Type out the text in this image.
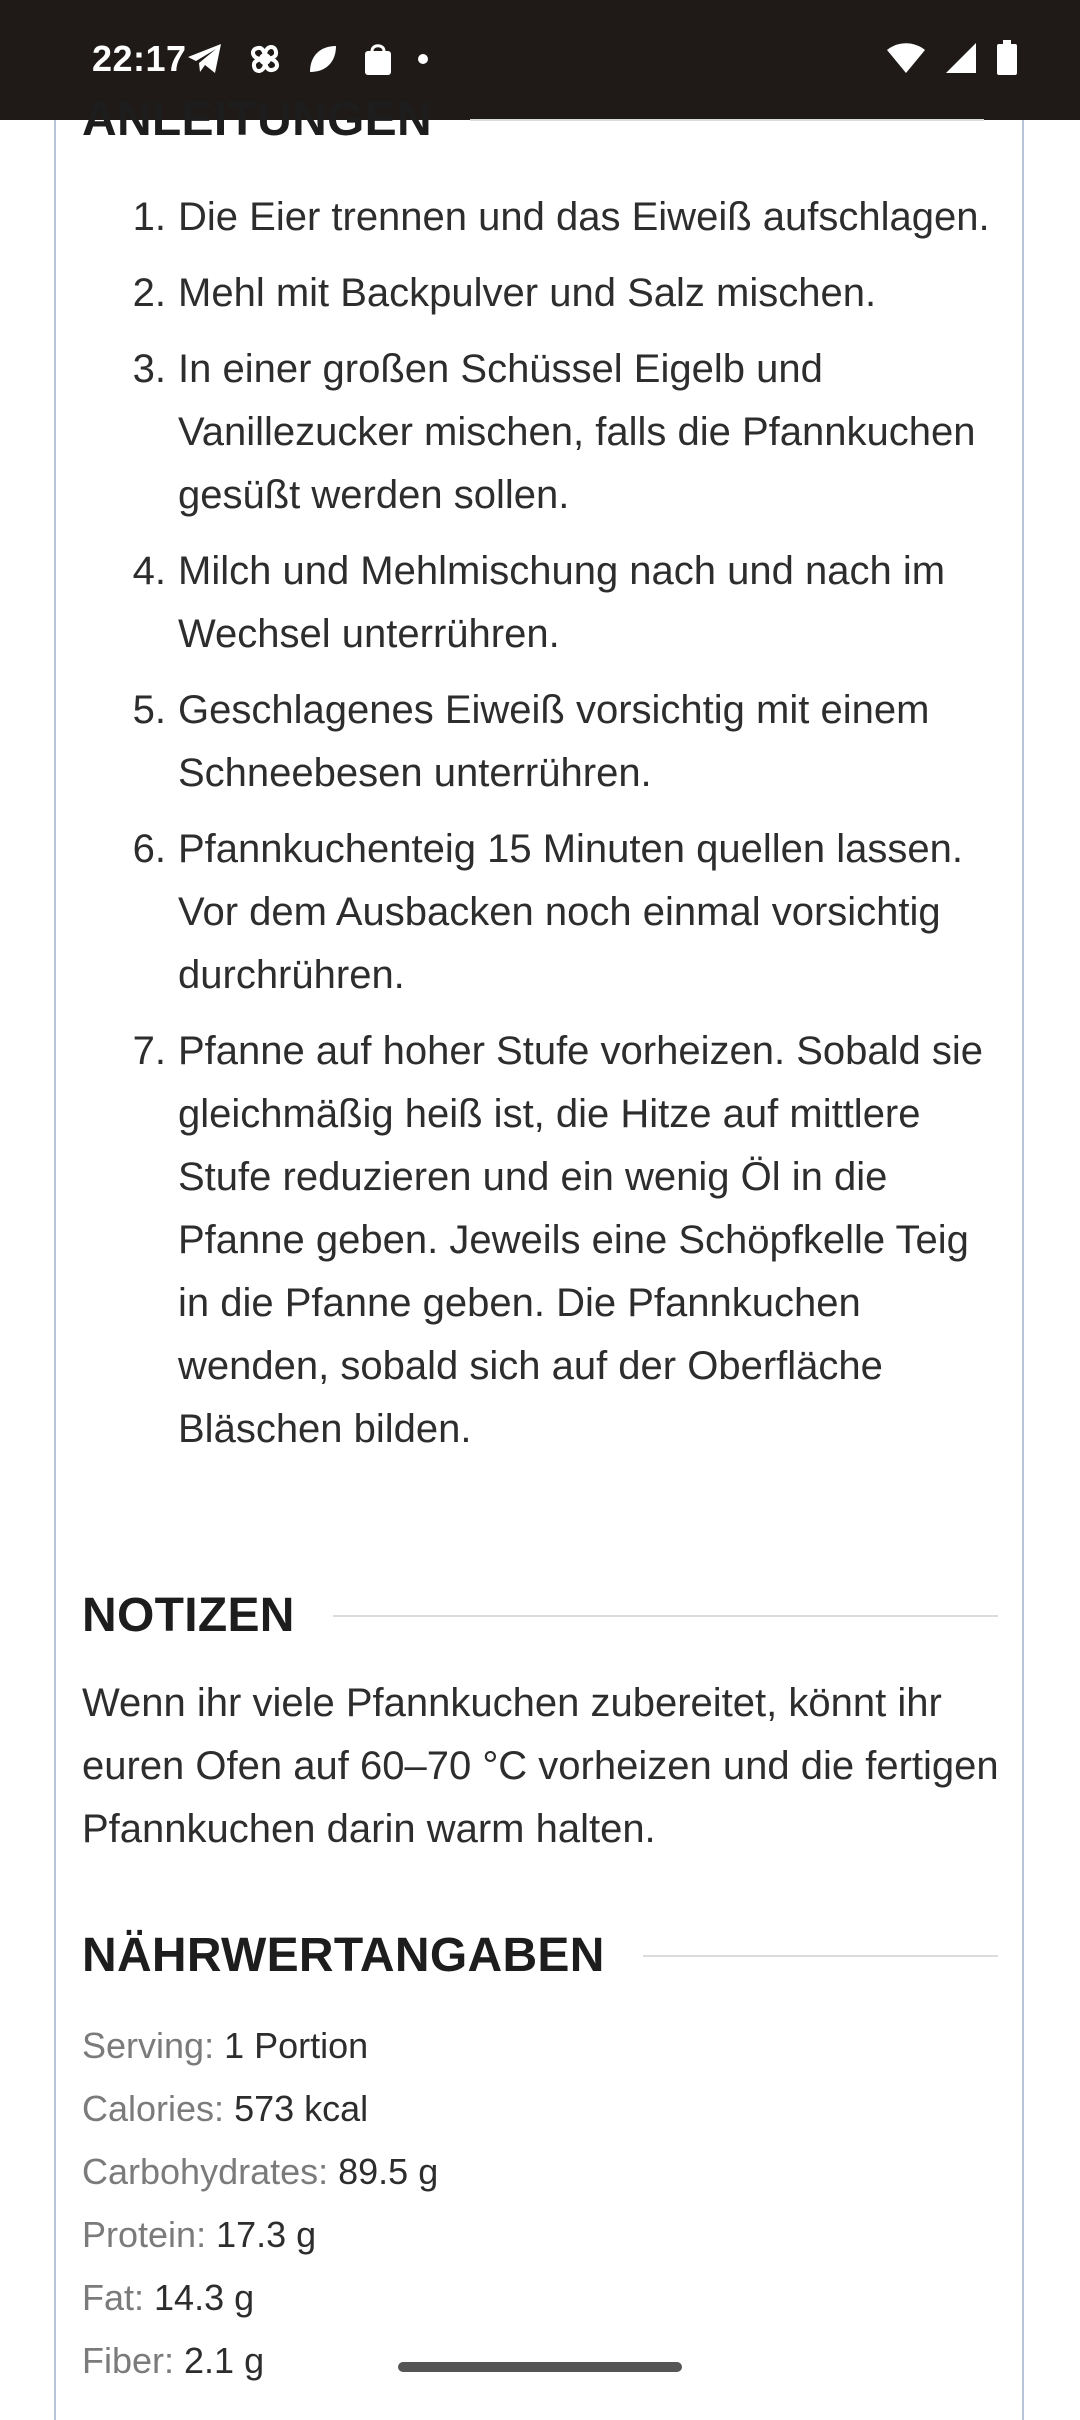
22:17
ANLEITUNGEN
1. Die Eier trennen und das Eiweiß aufschlagen.
2. Mehl mit Backpulver und Salz mischen.
3. In einer großen Schüssel Eigelb und Vanillezucker mischen, falls die Pfannkuchen gesüßt werden sollen.
4. Milch und Mehlmischung nach und nach im Wechsel unterrühren.
5. Geschlagenes Eiweiß vorsichtig mit einem Schneebesen unterrühren.
6. Pfannkuchenteig 15 Minuten quellen lassen. Vor dem Ausbacken noch einmal vorsichtig durchrühren.
7. Pfanne auf hoher Stufe vorheizen. Sobald sie gleichmäßig heiß ist, die Hitze auf mittlere Stufe reduzieren und ein wenig Öl in die Pfanne geben. Jeweils eine Schöpfkelle Teig in die Pfanne geben. Die Pfannkuchen wenden, sobald sich auf der Oberfläche Bläschen bilden.
NOTIZEN
Wenn ihr viele Pfannkuchen zubereitet, könnt ihr euren Ofen auf 60–70 °C vorheizen und die fertigen Pfannkuchen darin warm halten.
NÄHRWERTANGABEN
Serving: 1 Portion
Calories: 573 kcal
Carbohydrates: 89.5 g
Protein: 17.3 g
Fat: 14.3 g
Fiber: 2.1 g
